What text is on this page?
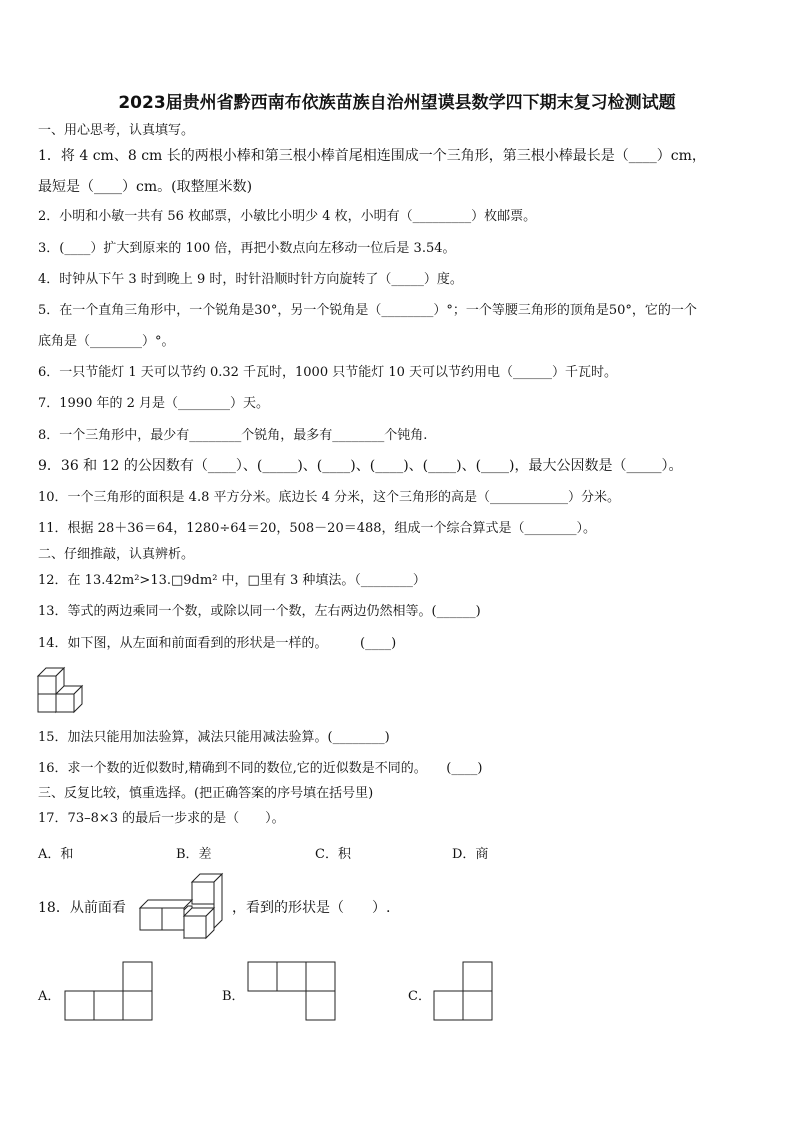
2023届贵州省黔西南布依族苗族自治州望谟县数学四下期末复习检测试题
一、用心思考，认真填写。
1．将 4 cm、8 cm 长的两根小棒和第三根小棒首尾相连围成一个三角形，第三根小棒最长是（____）cm，
最短是（____）cm。(取整厘米数)
2．小明和小敏一共有 56 枚邮票，小敏比小明少 4 枚，小明有（_________）枚邮票。
3．(____）扩大到原来的 100 倍，再把小数点向左移动一位后是 3.54。
4．时钟从下午 3 时到晚上 9 时，时针沿顺时针方向旋转了（_____）度。
5．在一个直角三角形中，一个锐角是30°，另一个锐角是（________）°；一个等腰三角形的顶角是50°，它的一个
底角是（________）°。
6．一只节能灯 1 天可以节约 0.32 千瓦时，1000 只节能灯 10 天可以节约用电（______）千瓦时。
7．1990 年的 2 月是（________）天。
8．一个三角形中，最少有________个锐角，最多有________个钝角.
9．36 和 12 的公因数有（____）、(_____)、(____)、(____)、(____)、(____)，最大公因数是（_____）。
10．一个三角形的面积是 4.8 平方分米。底边长 4 分米，这个三角形的高是（____________）分米。
11．根据 28＋36＝64，1280÷64＝20，508－20＝488，组成一个综合算式是（________）。
二、仔细推敲，认真辨析。
12．在 13.42m²>13.□9dm² 中，□里有 3 种填法。（________）
13．等式的两边乘同一个数，或除以同一个数，左右两边仍然相等。(______)
14．如下图，从左面和前面看到的形状是一样的。　　　(____)
15．加法只能用加法验算，减法只能用减法验算。(________)
16．求一个数的近似数时,精确到不同的数位,它的近似数是不同的。　　(____)
三、反复比较，慎重选择。(把正确答案的序号填在括号里)
17．73–8×3 的最后一步求的是（　　）。
A．和	B．差	C．积	D．商
18．从前面看	，看到的形状是（　　）.
A．	B．	C．
